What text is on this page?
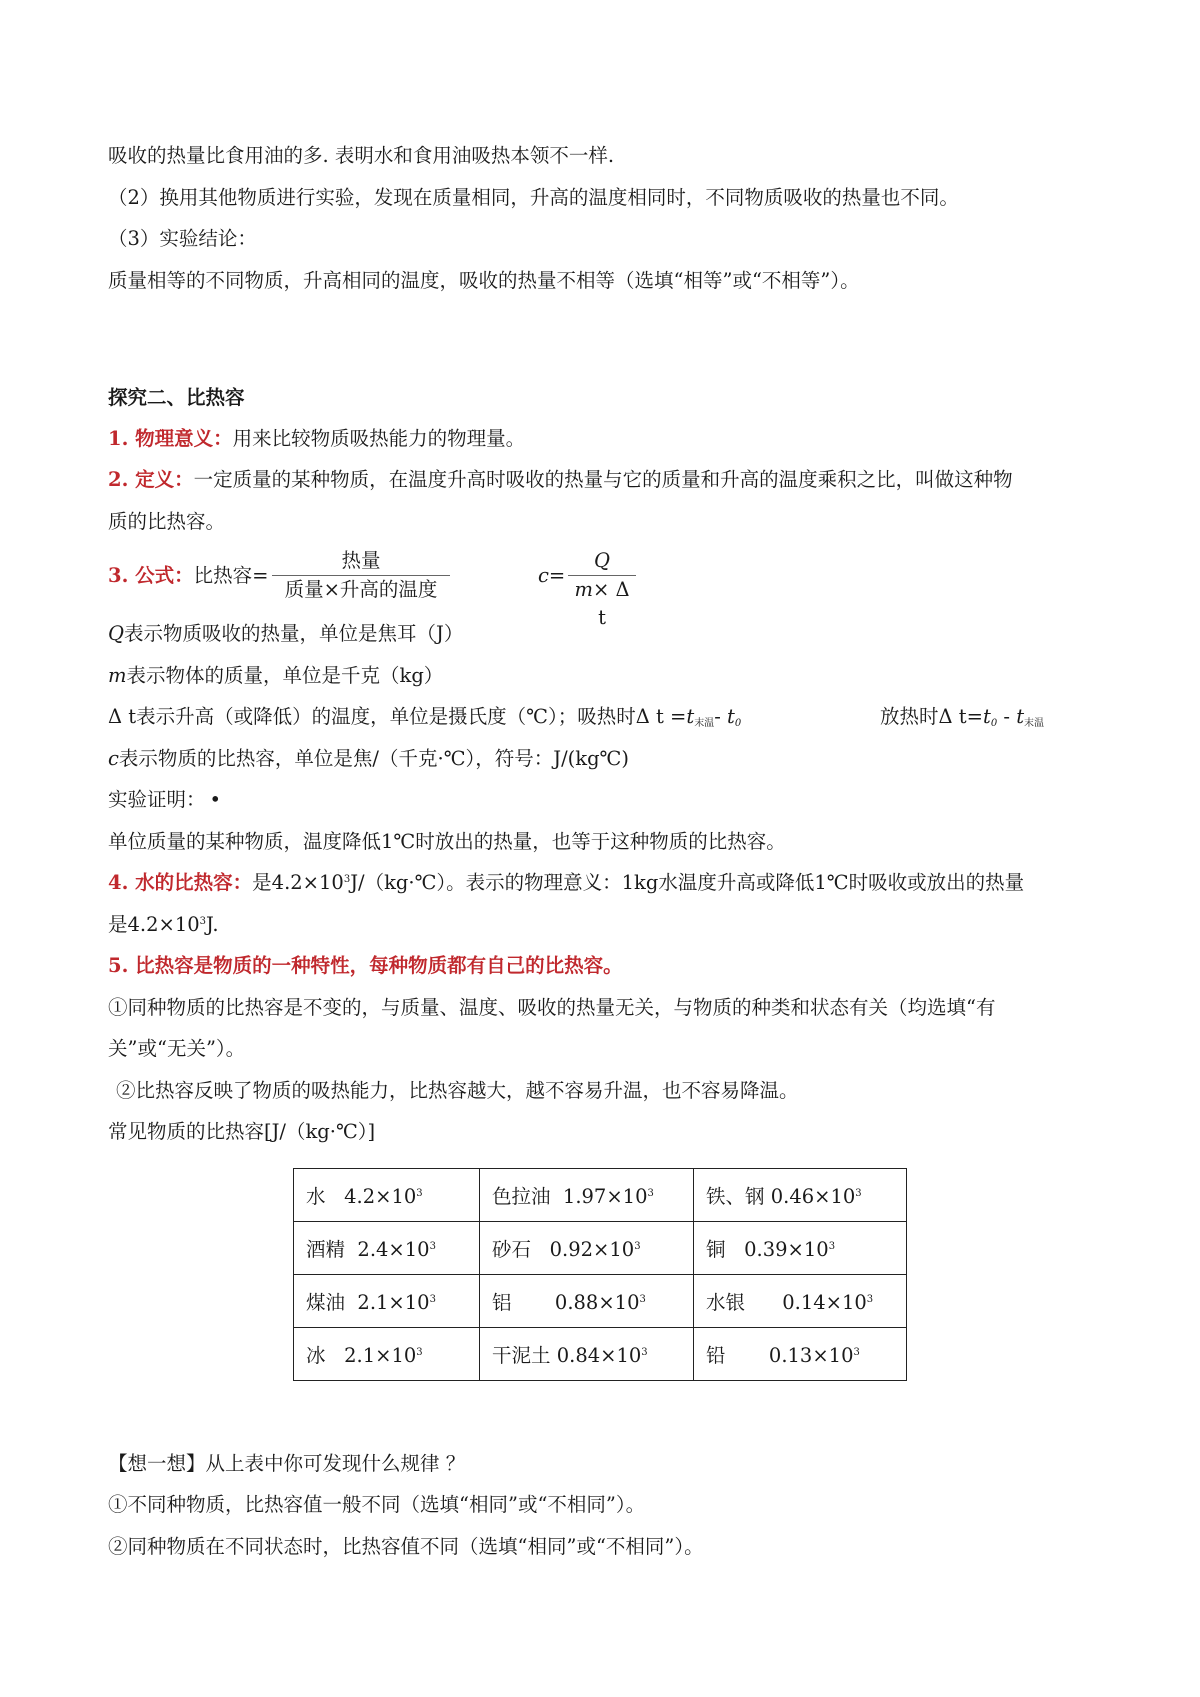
吸收的热量比食用油的多. 表明水和食用油吸热本领不一样.
（2）换用其他物质进行实验，发现在质量相同，升高的温度相同时，不同物质吸收的热量也不同。
（3）实验结论：
质量相等的不同物质，升高相同的温度，吸收的热量不相等（选填“相等”或“不相等”）。
探究二、比热容
1. 物理意义：用来比较物质吸热能力的物理量。
2. 定义：一定质量的某种物质，在温度升高时吸收的热量与它的质量和升高的温度乘积之比，叫做这种物
质的比热容。
3. 公式：比热容=
热量
质量×升高的温度
$c= \frac{Q}{\text{m× Δ t}}$
Q表示物质吸收的热量，单位是焦耳（J）
m表示物体的质量，单位是千克（kg）
Δ t表示升高（或降低）的温度，单位是摄氏度（℃）；吸热时Δ $t =t_{末温}-$ $t_0$	放热时Δ $t=t_0 - t_{末温}$
c表示物质的比热容，单位是焦/（千克·℃），符号：J/(kg℃)
实验证明： •
单位质量的某种物质，温度降低1℃时放出的热量，也等于这种物质的比热容。
4. 水的比热容：是$4.2\times 10^3J/(kg\cdot℃)$。表示的物理意义：1kg水温度升高或降低1℃时吸收或放出的热量
是$4.2\times 10^3J$.
5. 比热容是物质的一种特性，每种物质都有自己的比热容。
①同种物质的比热容是不变的，与质量、温度、吸收的热量无关，与物质的种类和状态有关（均选填“有
关”或“无关”）。
②比热容反映了物质的吸热能力，比热容越大，越不容易升温，也不容易降温。
常见物质的比热容[J/（kg·℃）]
水 $4.2\times 10^3$	色拉油 $1.97\times 10^3$	铁、钢 $0.46\times 10^3$
酒精 $2.4\times 10^3$	砂石 $0.92\times 10^3$	铜 $0.39\times 10^3$
煤油 $2.1\times 10^3$	铝 $0.88\times 10^3$	水银 $0.14\times 10^3$
冰 $2.1\times 10^3$	干泥土 $0.84\times 10^3$	铅 $0.13\times 10^3$
【想一想】从上表中你可发现什么规律 ？
①不同种物质，比热容值一般不同（选填“相同”或“不相同”）。
②同种物质在不同状态时，比热容值不同（选填“相同”或“不相同”）。
